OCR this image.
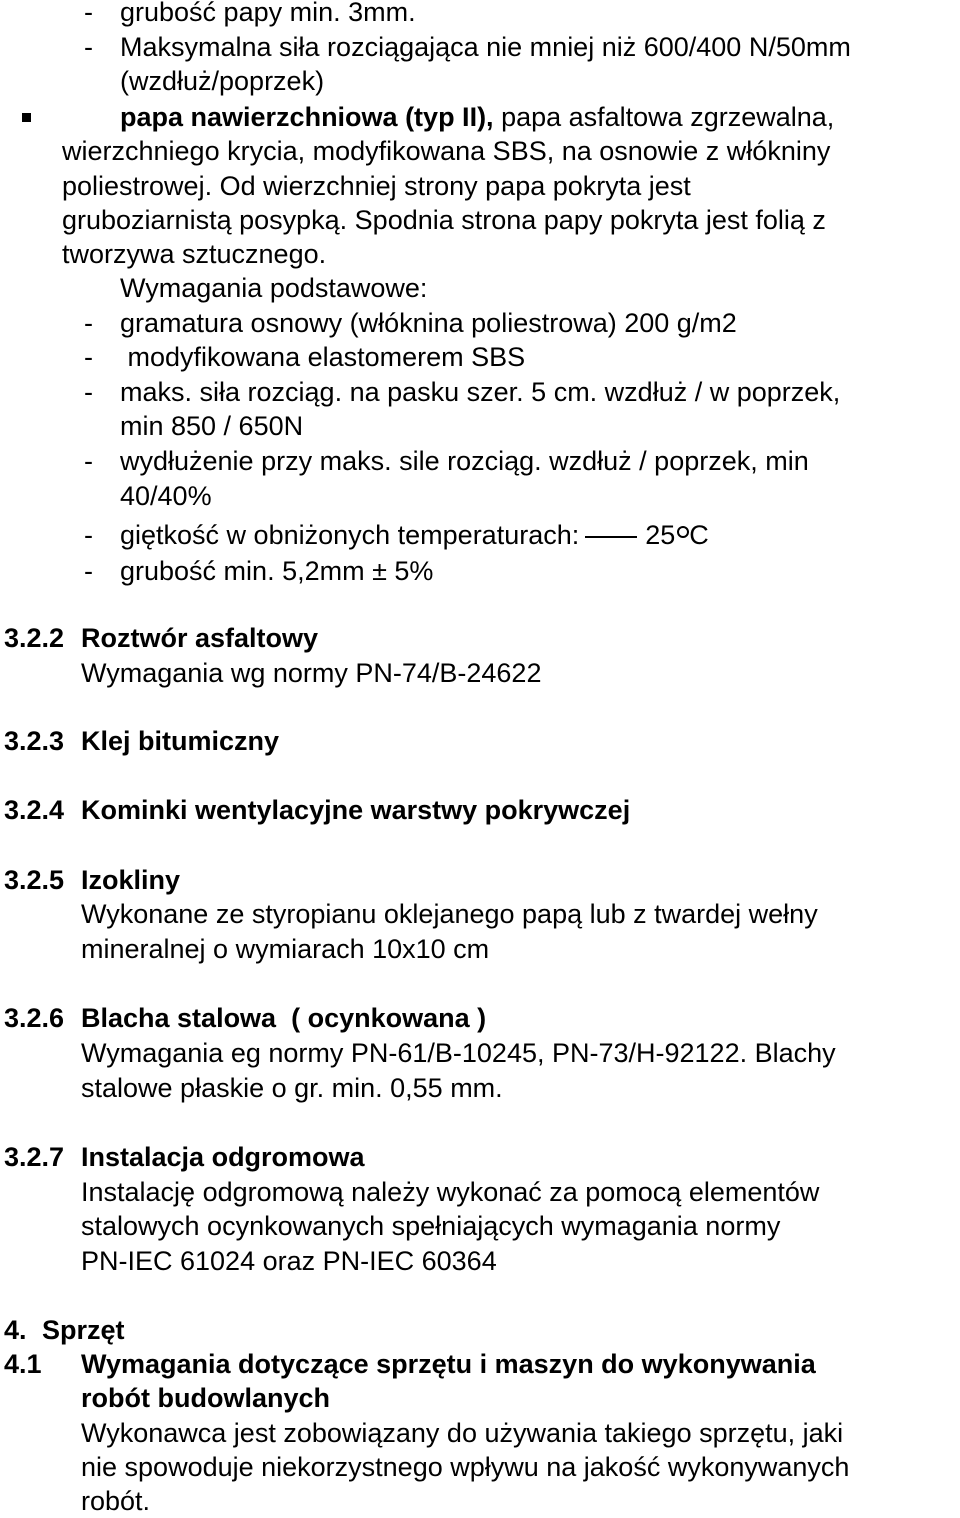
- grubość papy min. 3mm.
- Maksymalna siła rozciągająca nie mniej niż 600/400 N/50mm
(wzdłuż/poprzek)
papa nawierzchniowa (typ II), papa asfaltowa zgrzewalna,
wierzchniego krycia, modyfikowana SBS, na osnowie z włókniny
poliestrowej. Od wierzchniej strony papa pokryta jest
gruboziarnistą posypką. Spodnia strona papy pokryta jest folią z
tworzywa sztucznego.
Wymagania podstawowe:
- gramatura osnowy (włóknina poliestrowa) 200 g/m2
- modyfikowana elastomerem SBS
- maks. siła rozciąg. na pasku szer. 5 cm. wzdłuż / w poprzek,
min 850 / 650N
- wydłużenie przy maks. sile rozciąg. wzdłuż / poprzek, min
40/40%
- giętkość w obniżonych temperaturach: 25 C
- grubość min. 5,2mm ± 5%
3.2.2 Roztwór asfaltowy
Wymagania wg normy PN-74/B-24622
3.2.3 Klej bitumiczny
3.2.4 Kominki wentylacyjne warstwy pokrywczej
3.2.5 Izokliny
Wykonane ze styropianu oklejanego papą lub z twardej wełny
mineralnej o wymiarach 10x10 cm
3.2.6 Blacha stalowa  ( ocynkowana )
Wymagania eg normy PN-61/B-10245, PN-73/H-92122. Blachy
stalowe płaskie o gr. min. 0,55 mm.
3.2.7 Instalacja odgromowa
Instalację odgromową należy wykonać za pomocą elementów
stalowych ocynkowanych spełniających wymagania normy
PN-IEC 61024 oraz PN-IEC 60364
4. Sprzęt
4.1 Wymagania dotyczące sprzętu i maszyn do wykonywania
robót budowlanych
Wykonawca jest zobowiązany do używania takiego sprzętu, jaki
nie spowoduje niekorzystnego wpływu na jakość wykonywanych
robót.
